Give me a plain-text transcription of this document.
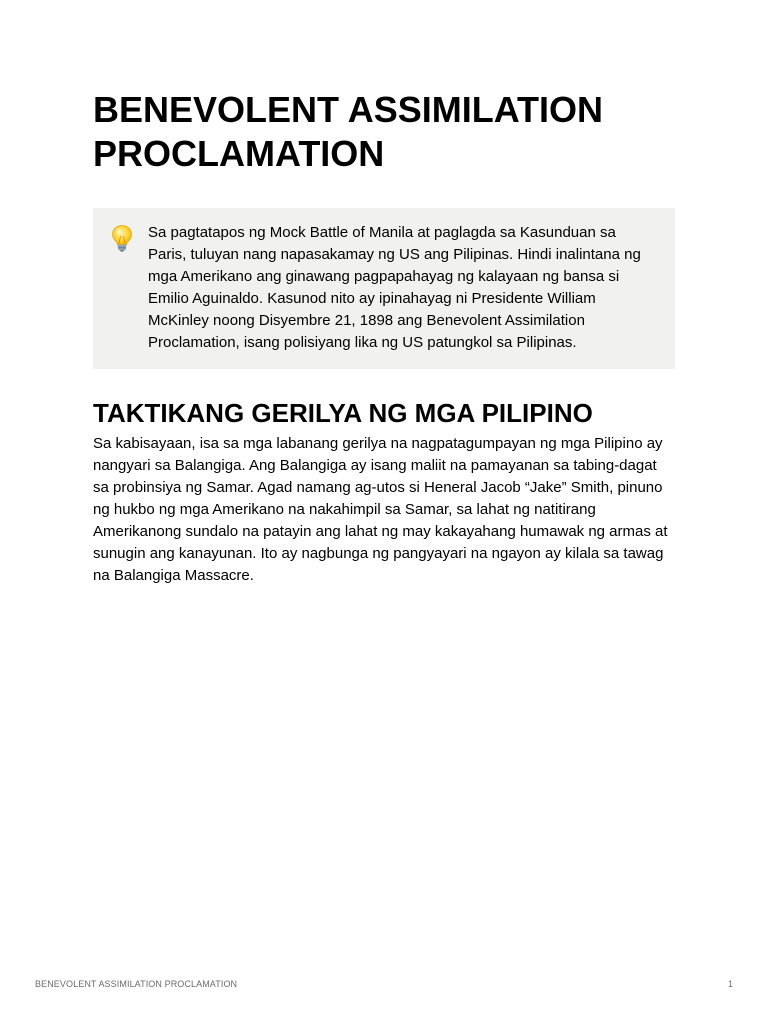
BENEVOLENT ASSIMILATION PROCLAMATION

Sa pagtatapos ng Mock Battle of Manila at paglagda sa Kasunduan sa Paris, tuluyan nang napasakamay ng US ang Pilipinas. Hindi inalintana ng mga Amerikano ang ginawang pagpapahayag ng kalayaan ng bansa si Emilio Aguinaldo. Kasunod nito ay ipinahayag ni Presidente William McKinley noong Disyembre 21, 1898 ang Benevolent Assimilation Proclamation, isang polisiyang lika ng US patungkol sa Pilipinas.

TAKTIKANG GERILYA NG MGA PILIPINO

Sa kabisayaan, isa sa mga labanang gerilya na nagpatagumpayan ng mga Pilipino ay nangyari sa Balangiga. Ang Balangiga ay isang maliit na pamayanan sa tabing-dagat sa probinsiya ng Samar. Agad namang ag-utos si Heneral Jacob “Jake” Smith, pinuno ng hukbo ng mga Amerikano na nakahimpil sa Samar, sa lahat ng natitirang Amerikanong sundalo na patayin ang lahat ng may kakayahang humawak ng armas at sunugin ang kanayunan. Ito ay nagbunga ng pangyayari na ngayon ay kilala sa tawag na Balangiga Massacre.

BENEVOLENT ASSIMILATION PROCLAMATION	1
